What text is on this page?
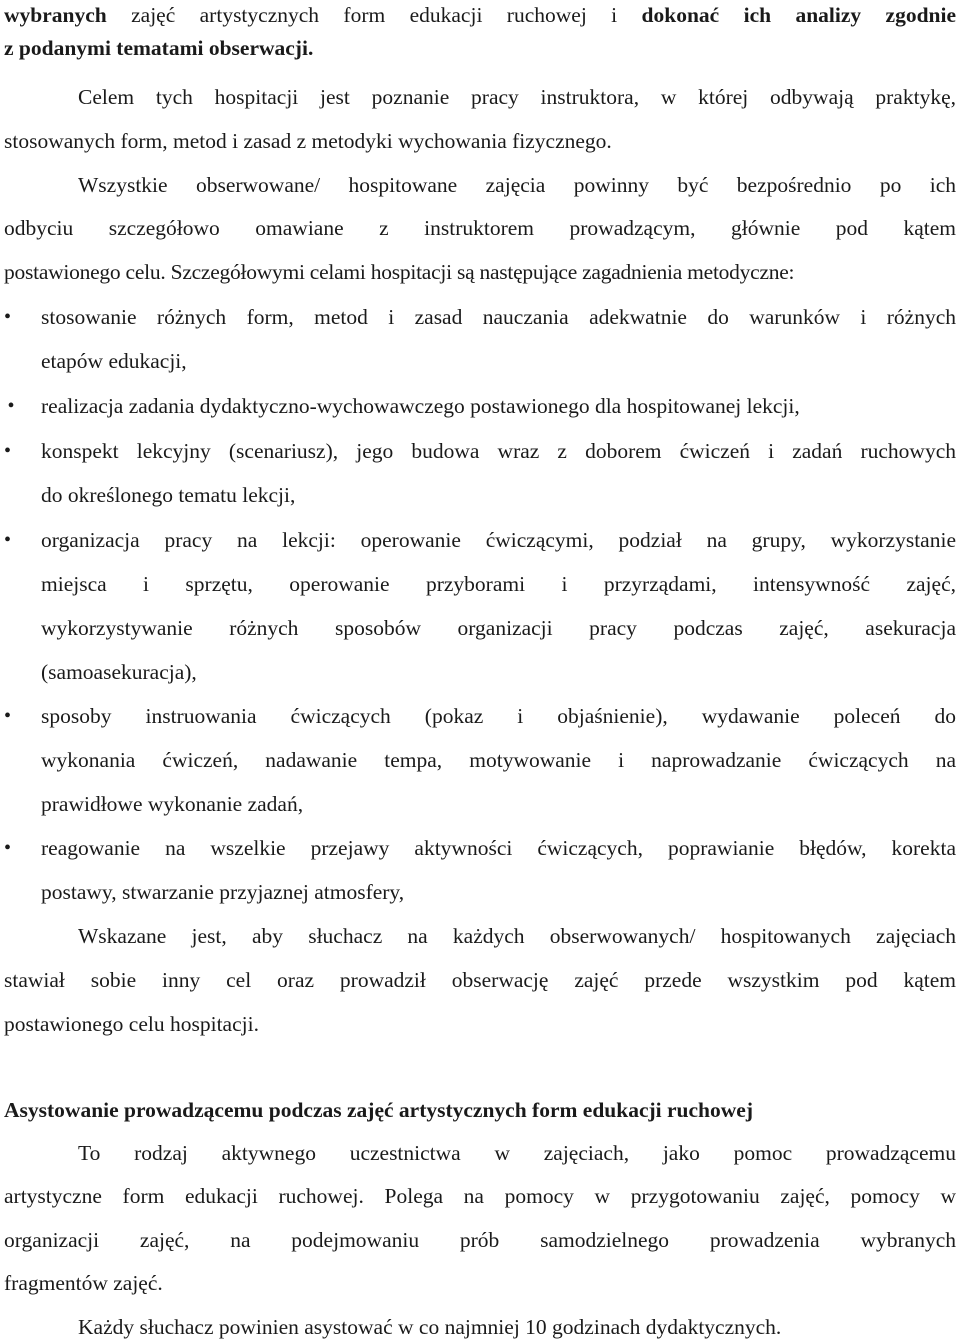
wybranych zajęć artystycznych form edukacji ruchowej i dokonać ich analizy zgodnie
z podanymi tematami obserwacji.
Celem tych hospitacji jest poznanie pracy instruktora, w której odbywają praktykę,
stosowanych form, metod i zasad z metodyki wychowania fizycznego.
Wszystkie obserwowane/ hospitowane zajęcia powinny być bezpośrednio po ich
odbyciu szczegółowo omawiane z instruktorem prowadzącym, głównie pod kątem
postawionego celu. Szczegółowymi celami hospitacji są następujące zagadnienia metodyczne:
•	stosowanie różnych form, metod i zasad nauczania adekwatnie do warunków i różnych
etapów edukacji,
• realizacja zadania dydaktyczno-wychowawczego postawionego dla hospitowanej lekcji,
•	konspekt lekcyjny (scenariusz), jego budowa wraz z doborem ćwiczeń i zadań ruchowych
do określonego tematu lekcji,
•	organizacja pracy na lekcji: operowanie ćwiczącymi, podział na grupy, wykorzystanie
miejsca i sprzętu, operowanie przyborami i przyrządami, intensywność zajęć,
wykorzystywanie różnych sposobów organizacji pracy podczas zajęć, asekuracja
(samoasekuracja),
•	sposoby instruowania ćwiczących (pokaz i objaśnienie), wydawanie poleceń do
wykonania ćwiczeń, nadawanie tempa, motywowanie i naprowadzanie ćwiczących na
prawidłowe wykonanie zadań,
•	reagowanie na wszelkie przejawy aktywności ćwiczących, poprawianie błędów, korekta
postawy, stwarzanie przyjaznej atmosfery,
Wskazane jest, aby słuchacz na każdych obserwowanych/ hospitowanych zajęciach
stawiał sobie inny cel oraz prowadził obserwację zajęć przede wszystkim pod kątem
postawionego celu hospitacji.
Asystowanie prowadzącemu podczas zajęć artystycznych form edukacji ruchowej
To rodzaj aktywnego uczestnictwa w zajęciach, jako pomoc prowadzącemu
artystyczne form edukacji ruchowej. Polega na pomocy w przygotowaniu zajęć, pomocy w
organizacji zajęć, na podejmowaniu prób samodzielnego prowadzenia wybranych
fragmentów zajęć.
Każdy słuchacz powinien asystować w co najmniej 10 godzinach dydaktycznych.
